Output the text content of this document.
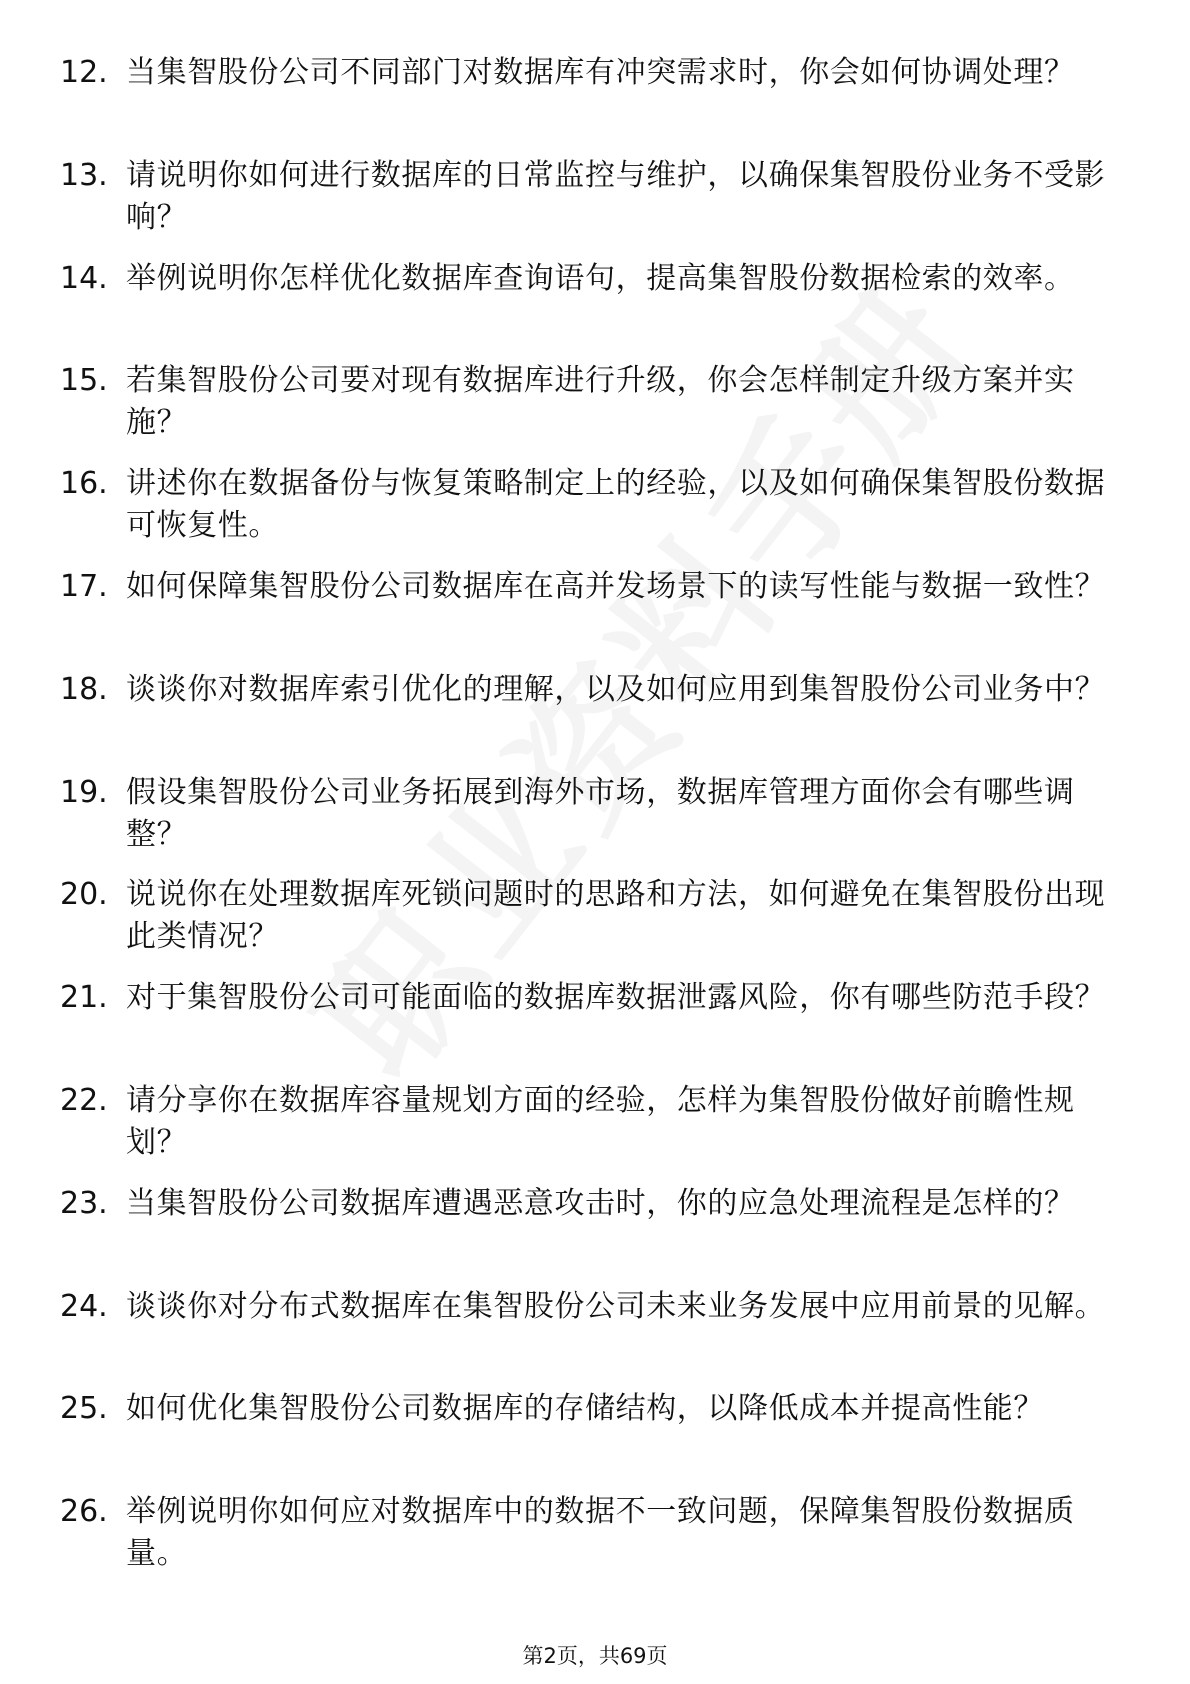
12. 当集智股份公司不同部门对数据库有冲突需求时，你会如何协调处理？
13. 请说明你如何进行数据库的日常监控与维护，以确保集智股份业务不受影响？
14. 举例说明你怎样优化数据库查询语句，提高集智股份数据检索的效率。
15. 若集智股份公司要对现有数据库进行升级，你会怎样制定升级方案并实施？
16. 讲述你在数据备份与恢复策略制定上的经验，以及如何确保集智股份数据可恢复性。
17. 如何保障集智股份公司数据库在高并发场景下的读写性能与数据一致性？
18. 谈谈你对数据库索引优化的理解，以及如何应用到集智股份公司业务中？
19. 假设集智股份公司业务拓展到海外市场，数据库管理方面你会有哪些调整？
20. 说说你在处理数据库死锁问题时的思路和方法，如何避免在集智股份出现此类情况？
21. 对于集智股份公司可能面临的数据库数据泄露风险，你有哪些防范手段？
22. 请分享你在数据库容量规划方面的经验，怎样为集智股份做好前瞻性规划？
23. 当集智股份公司数据库遭遇恶意攻击时，你的应急处理流程是怎样的？
24. 谈谈你对分布式数据库在集智股份公司未来业务发展中应用前景的见解。
25. 如何优化集智股份公司数据库的存储结构，以降低成本并提高性能？
26. 举例说明你如何应对数据库中的数据不一致问题，保障集智股份数据质量。
第2页，共69页
